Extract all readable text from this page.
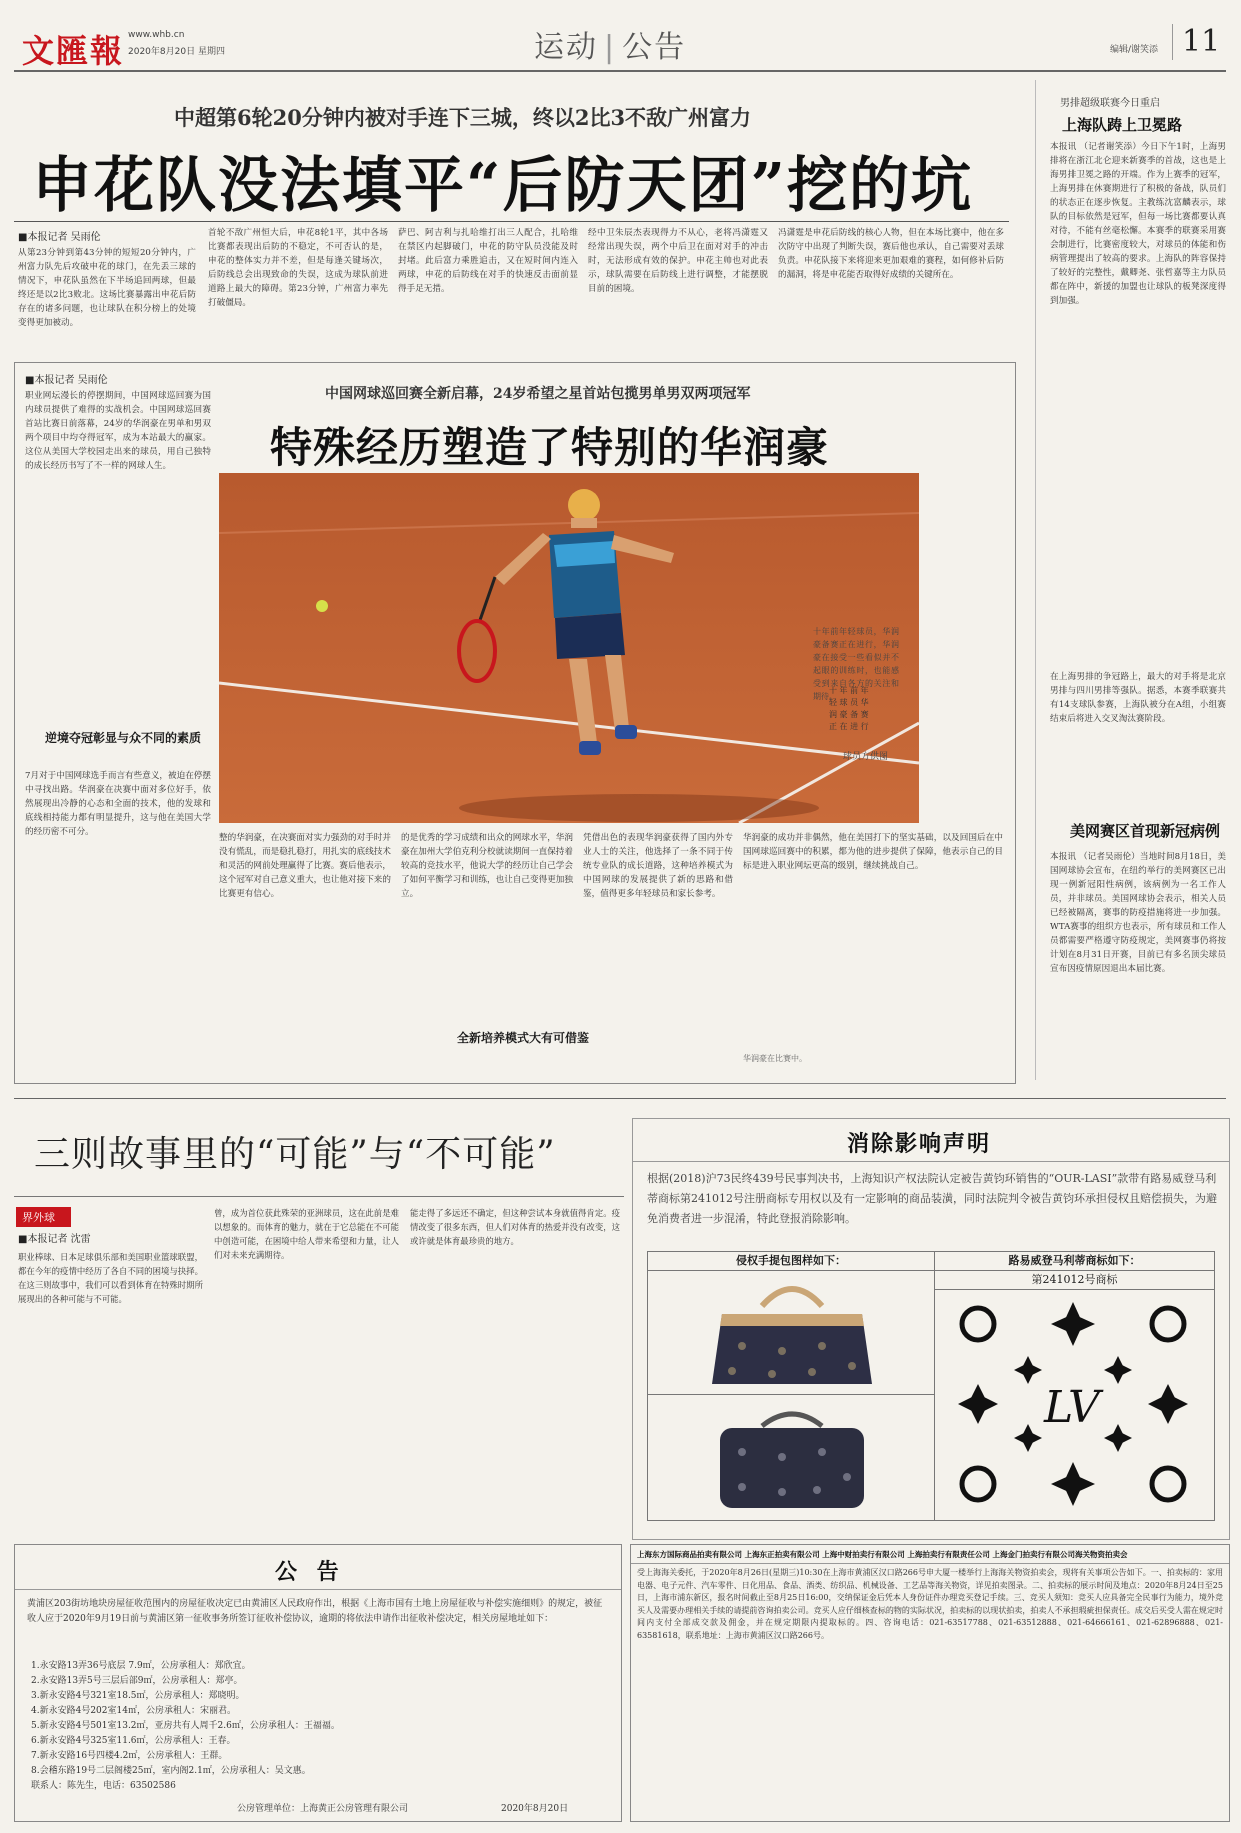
文匯報 www.whb.cn
2020年8月20日 星期四	运动 | 公告	编辑/谢笑添 11
中超第6轮20分钟内被对手连下三城，终以2比3不敌广州富力
申花队没法填平“后防天团”挖的坑
■本报记者 吴雨伦
从第23分钟到第43分钟的短短20分钟内，广州富力队先后攻破申花的球门，在先丢三球的情况下，申花队虽然在下半场追回两球，但最终还是以2比3败北。这场比赛暴露出申花后防存在的诸多问题，也让球队在积分榜上的处境变得更加被动。
首轮不敌广州恒大后，申花8轮1平，其中各场比赛都表现出后防的不稳定，不可否认的是，申花的整体实力并不差，但是每逢关键场次，后防线总会出现致命的失误，这成为球队前进道路上最大的障碍。第23分钟，广州富力率先打破僵局。
萨巴、阿吉利与扎哈维打出三人配合，扎哈维在禁区内起脚破门，申花的防守队员没能及时封堵。此后富力乘胜追击，又在短时间内连入两球，申花的后防线在对手的快速反击面前显得手足无措。
经中卫朱辰杰表现得力不从心，老将冯潇霆又经常出现失误，两个中后卫在面对对手的冲击时，无法形成有效的保护。申花主帅也对此表示，球队需要在后防线上进行调整，才能摆脱目前的困境。
冯潇霆是申花后防线的核心人物，但在本场比赛中，他在多次防守中出现了判断失误，赛后他也承认，自己需要对丢球负责。申花队接下来将迎来更加艰难的赛程，如何修补后防的漏洞，将是申花能否取得好成绩的关键所在。
男排超级联赛今日重启
上海队踌上卫冕路
本报讯 （记者谢笑添）今日下午1时，上海男排将在浙江北仑迎来新赛季的首战，这也是上海男排卫冕之路的开端。作为上赛季的冠军，上海男排在休赛期进行了积极的备战，队员们的状态正在逐步恢复。主教练沈富麟表示，球队的目标依然是冠军，但每一场比赛都要认真对待，不能有丝毫松懈。本赛季的联赛采用赛会制进行，比赛密度较大，对球员的体能和伤病管理提出了较高的要求。上海队的阵容保持了较好的完整性，戴卿尧、张哲嘉等主力队员都在阵中，新援的加盟也让球队的板凳深度得到加强。
在上海男排的争冠路上，最大的对手将是北京男排与四川男排等强队。据悉，本赛季联赛共有14支球队参赛，上海队被分在A组，小组赛结束后将进入交叉淘汰赛阶段。
美网赛区首现新冠病例
本报讯 （记者吴雨伦）当地时间8月18日，美国网球协会宣布，在纽约举行的美网赛区已出现一例新冠阳性病例，该病例为一名工作人员，并非球员。美国网球协会表示，相关人员已经被隔离，赛事的防疫措施将进一步加强。WTA赛事的组织方也表示，所有球员和工作人员都需要严格遵守防疫规定，美网赛事仍将按计划在8月31日开赛，目前已有多名顶尖球员宣布因疫情原因退出本届比赛。
■本报记者 吴雨伦
职业网坛漫长的停摆期间，中国网球巡回赛为国内球员提供了难得的实战机会。中国网球巡回赛首站比赛日前落幕，24岁的华润豪在男单和男双两个项目中均夺得冠军，成为本站最大的赢家。这位从美国大学校园走出来的球员，用自己独特的成长经历书写了不一样的网球人生。
逆境夺冠彰显与众不同的素质
7月对于中国网球选手而言有些意义，被迫在停摆中寻找出路。华润豪在决赛中面对多位好手，依然展现出冷静的心态和全面的技术，他的发球和底线相持能力都有明显提升，这与他在美国大学的经历密不可分。
中国网球巡回赛全新启幕，24岁希望之星首站包揽男单男双两项冠军
特殊经历塑造了特别的华润豪
十 年 前 年
轻 球 员 华
润 豪 备 赛
正 在 进 行
十年前年轻球员，华润豪备赛正在进行，华润豪在接受一些看似并不起眼的训练时，也能感受到来自各方的关注和期待。
球员方供图
整的华润豪，在决赛面对实力强劲的对手时并没有慌乱，而是稳扎稳打，用扎实的底线技术和灵活的网前处理赢得了比赛。赛后他表示，这个冠军对自己意义重大，也让他对接下来的比赛更有信心。
的是优秀的学习成绩和出众的网球水平，华润豪在加州大学伯克利分校就读期间一直保持着较高的竞技水平，他说大学的经历让自己学会了如何平衡学习和训练，也让自己变得更加独立。
凭借出色的表现华润豪获得了国内外专业人士的关注，他选择了一条不同于传统专业队的成长道路，这种培养模式为中国网球的发展提供了新的思路和借鉴，值得更多年轻球员和家长参考。
全新培养模式大有可借鉴
华润豪的成功并非偶然，他在美国打下的坚实基础，以及回国后在中国网球巡回赛中的积累，都为他的进步提供了保障，他表示自己的目标是进入职业网坛更高的级别，继续挑战自己。
华润豪在比赛中。
三则故事里的“可能”与“不可能”
界外球
■本报记者 沈雷
职业棒球、日本足球俱乐部和美国职业篮球联盟，都在今年的疫情中经历了各自不同的困境与抉择。在这三则故事中，我们可以看到体育在特殊时期所展现出的各种可能与不可能。
曾，成为首位获此殊荣的亚洲球员，这在此前是难以想象的。而体育的魅力，就在于它总能在不可能中创造可能，在困境中给人带来希望和力量，让人们对未来充满期待。
能走得了多远还不确定，但这种尝试本身就值得肯定。疫情改变了很多东西，但人们对体育的热爱并没有改变，这或许就是体育最珍贵的地方。
消除影响声明
根据(2018)沪73民终439号民事判决书，上海知识产权法院认定被告黄钧环销售的“OUR-LASI”款带有路易威登马利蒂商标第241012号注册商标专用权以及有一定影响的商品装潢，同时法院判令被告黄钧环承担侵权且赔偿损失，为避免消费者进一步混淆，特此登报消除影响。
侵权手提包图样如下：	路易威登马利蒂商标如下：
第241012号商标
LV
公 告
黄浦区203街坊地块房屋征收范围内的房屋征收决定已由黄浦区人民政府作出，根据《上海市国有土地上房屋征收与补偿实施细则》的规定，被征收人应于2020年9月19日前与黄浦区第一征收事务所签订征收补偿协议，逾期的将依法申请作出征收补偿决定，相关房屋地址如下：
1.永安路13弄36号底层 7.9㎡，公房承租人：郑欣宜。
2.永安路13弄5号三层后部9㎡，公房承租人：郑亭。
3.新永安路4号321室18.5㎡，公房承租人：郑晓明。
4.新永安路4号202室14㎡，公房承租人：宋丽君。
5.新永安路4号501室13.2㎡，亚房共有人周千2.6㎡，公房承租人：王福福。
6.新永安路4号325室11.6㎡，公房承租人：王春。
7.新永安路16号四楼4.2㎡，公房承租人：王群。
8.会稽东路19号二层阁楼25㎡，室内阁2.1㎡，公房承租人：吴文惠。
联系人：陈先生，电话：63502586
公房管理单位：上海黄正公房管理有限公司	2020年8月20日
上海东方国际商品拍卖有限公司 上海东正拍卖有限公司 上海中财拍卖行有限公司 上海拍卖行有限责任公司 上海金门拍卖行有限公司海关物资拍卖会
受上海海关委托，于2020年8月26日(星期三)10:30在上海市黄浦区汉口路266号申大厦一楼举行上海海关物资拍卖会，现将有关事项公告如下。一、拍卖标的：家用电器、电子元件、汽车零件、日化用品、食品、酒类、纺织品、机械设备、工艺品等海关物资，详见拍卖图录。二、拍卖标的展示时间及地点：2020年8月24日至25日，上海市浦东新区，报名时间截止至8月25日16:00，交纳保证金后凭本人身份证件办理竞买登记手续。三、竞买人须知：竞买人应具备完全民事行为能力，境外竞买人及需要办理相关手续的请提前咨询拍卖公司。竞买人应仔细核查标的物的实际状况，拍卖标的以现状拍卖，拍卖人不承担瑕疵担保责任。成交后买受人需在规定时间内支付全部成交款及佣金，并在规定期限内提取标的。四、咨询电话：021-63517788、021-63512888、021-64666161、021-62896888、021-63581618，联系地址：上海市黄浦区汉口路266号。
